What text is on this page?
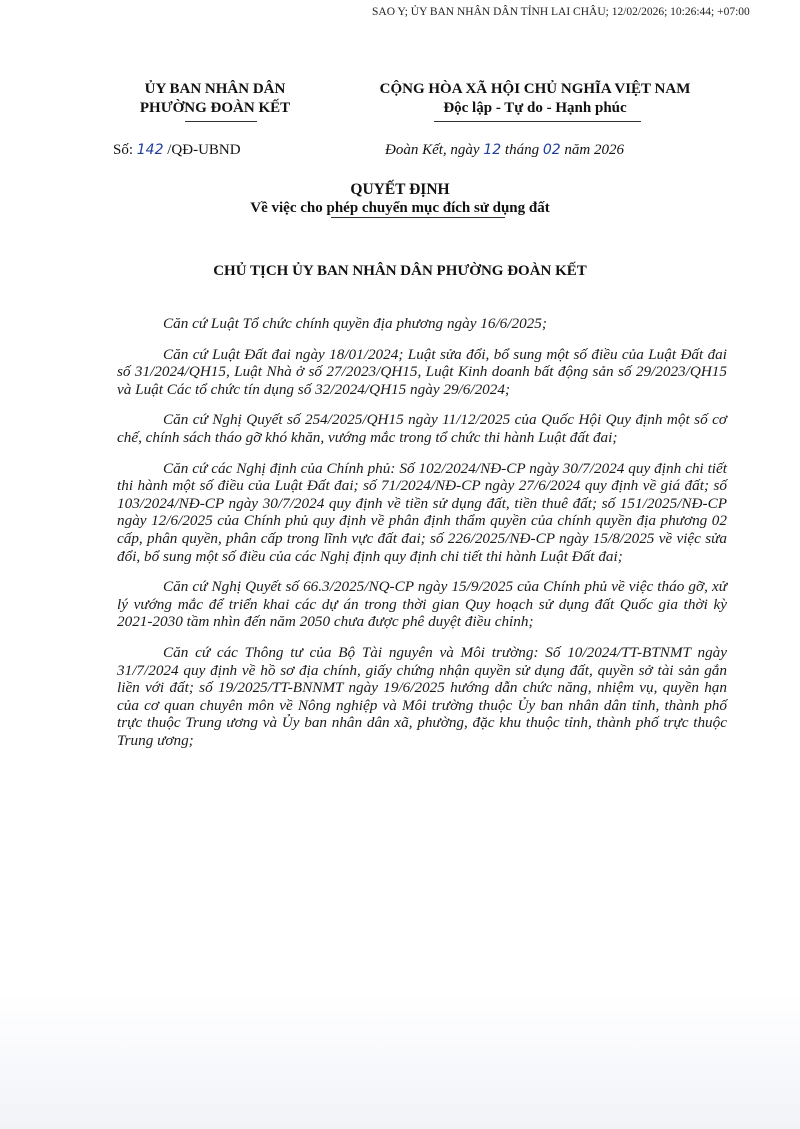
SAO Y; ỦY BAN NHÂN DÂN TỈNH LAI CHÂU; 12/02/2026; 10:26:44; +07:00
ỦY BAN NHÂN DÂN
PHƯỜNG ĐOÀN KẾT
CỘNG HÒA XÃ HỘI CHỦ NGHĨA VIỆT NAM
Độc lập - Tự do - Hạnh phúc
Số: 142 /QĐ-UBND	Đoàn Kết, ngày 12 tháng 02 năm 2026
QUYẾT ĐỊNH
Về việc cho phép chuyển mục đích sử dụng đất
CHỦ TỊCH ỦY BAN NHÂN DÂN PHƯỜNG ĐOÀN KẾT

Căn cứ Luật Tổ chức chính quyền địa phương ngày 16/6/2025;

Căn cứ Luật Đất đai ngày 18/01/2024; Luật sửa đổi, bổ sung một số điều của Luật Đất đai số 31/2024/QH15, Luật Nhà ở số 27/2023/QH15, Luật Kinh doanh bất động sản số 29/2023/QH15 và Luật Các tổ chức tín dụng số 32/2024/QH15 ngày 29/6/2024;

Căn cứ Nghị Quyết số 254/2025/QH15 ngày 11/12/2025 của Quốc Hội Quy định một số cơ chế, chính sách tháo gỡ khó khăn, vướng mắc trong tổ chức thi hành Luật đất đai;

Căn cứ các Nghị định của Chính phủ: Số 102/2024/NĐ-CP ngày 30/7/2024 quy định chi tiết thi hành một số điều của Luật Đất đai; số 71/2024/NĐ-CP ngày 27/6/2024 quy định về giá đất; số 103/2024/NĐ-CP ngày 30/7/2024 quy định về tiền sử dụng đất, tiền thuê đất; số 151/2025/NĐ-CP ngày 12/6/2025 của Chính phủ quy định về phân định thẩm quyền của chính quyền địa phương 02 cấp, phân quyền, phân cấp trong lĩnh vực đất đai; số 226/2025/NĐ-CP ngày 15/8/2025 về việc sửa đổi, bổ sung một số điều của các Nghị định quy định chi tiết thi hành Luật Đất đai;

Căn cứ Nghị Quyết số 66.3/2025/NQ-CP ngày 15/9/2025 của Chính phủ về việc tháo gỡ, xử lý vướng mắc để triển khai các dự án trong thời gian Quy hoạch sử dụng đất Quốc gia thời kỳ 2021-2030 tầm nhìn đến năm 2050 chưa được phê duyệt điều chỉnh;

Căn cứ các Thông tư của Bộ Tài nguyên và Môi trường: Số 10/2024/TT-BTNMT ngày 31/7/2024 quy định về hồ sơ địa chính, giấy chứng nhận quyền sử dụng đất, quyền sở tài sản gắn liền với đất; số 19/2025/TT-BNNMT ngày 19/6/2025 hướng dẫn chức năng, nhiệm vụ, quyền hạn của cơ quan chuyên môn về Nông nghiệp và Môi trường thuộc Ủy ban nhân dân tỉnh, thành phố trực thuộc Trung ương và Ủy ban nhân dân xã, phường, đặc khu thuộc tỉnh, thành phố trực thuộc Trung ương;
